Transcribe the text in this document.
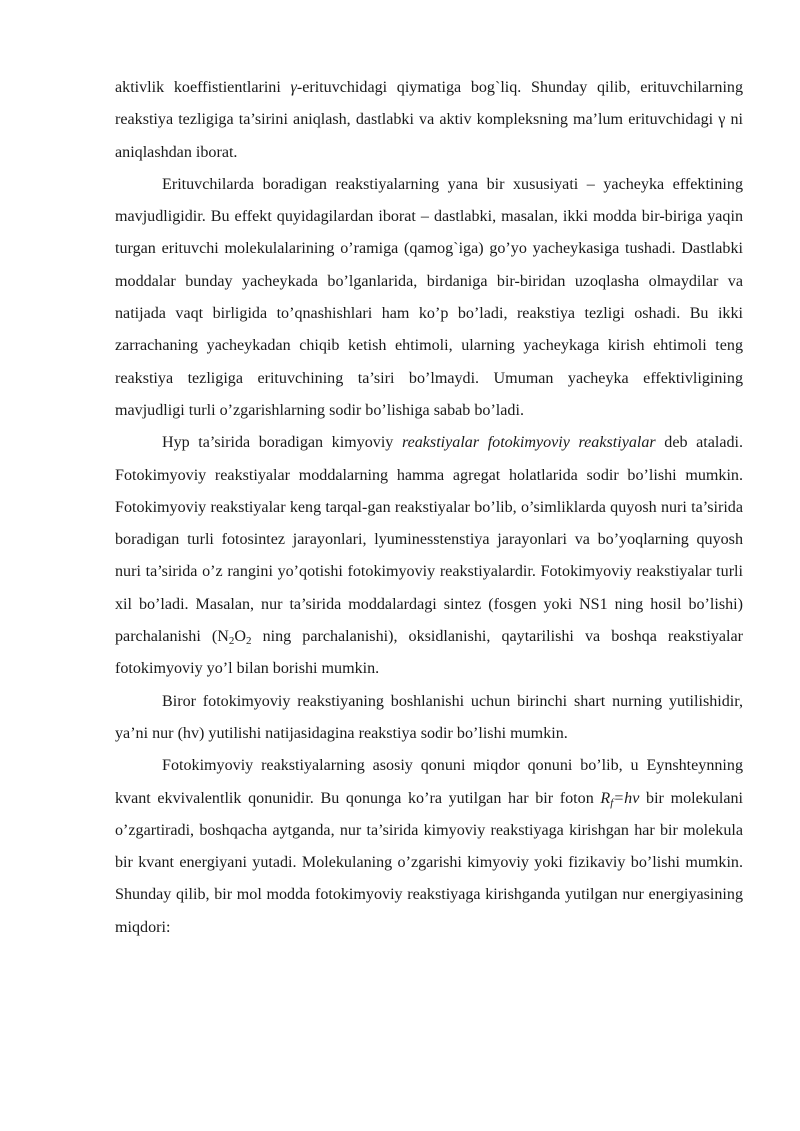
aktivlik koeffistientlarini γ-erituvchidagi qiymatiga bog`liq. Shunday qilib, erituvchilarning reakstiya tezligiga ta’sirini aniqlash, dastlabki va aktiv kompleksning ma’lum erituvchidagi γ ni aniqlashdan iborat.

Erituvchilarda boradigan reakstiyalarning yana bir xususiyati – yacheyka effektining mavjudligidir. Bu effekt quyidagilardan iborat – dastlabki, masalan, ikki modda bir-biriga yaqin turgan erituvchi molekulalarining o’ramiga (qamog`iga) go’yo yacheykasiga tushadi. Dastlabki moddalar bunday yacheykada bo’lganlarida, birdaniga bir-biridan uzoqlasha olmaydilar va natijada vaqt birligida to’qnashishlari ham ko’p bo’ladi, reakstiya tezligi oshadi. Bu ikki zarrachaning yacheykadan chiqib ketish ehtimoli, ularning yacheykaga kirish ehtimoli teng reakstiya tezligiga erituvchining ta’siri bo’lmaydi. Umuman yacheyka effektivligining mavjudligi turli o’zgarishlarning sodir bo’lishiga sabab bo’ladi.

Hyp ta’sirida boradigan kimyoviy reakstiyalar fotokimyoviy reakstiyalar deb ataladi. Fotokimyoviy reakstiyalar moddalarning hamma agregat holatlarida sodir bo’lishi mumkin. Fotokimyoviy reakstiyalar keng tarqal-gan reakstiyalar bo’lib, o’simliklarda quyosh nuri ta’sirida boradigan turli fotosintez jarayonlari, lyuminesstenstiya jarayonlari va bo’yoqlarning quyosh nuri ta’sirida o’z rangini yo’qotishi fotokimyoviy reakstiyalardir. Fotokimyoviy reakstiyalar turli xil bo’ladi. Masalan, nur ta’sirida moddalardagi sintez (fosgen yoki NS1 ning hosil bo’lishi) parchalanishi ($N_2O_2$ ning parchalanishi), oksidlanishi, qaytarilishi va boshqa reakstiyalar fotokimyoviy yo’l bilan borishi mumkin.

Biror fotokimyoviy reakstiyaning boshlanishi uchun birinchi shart nurning yutilishidir, ya’ni nur (hv) yutilishi natijasidagina reakstiya sodir bo’lishi mumkin.

Fotokimyoviy reakstiyalarning asosiy qonuni miqdor qonuni bo’lib, u Eynshteynning kvant ekvivalentlik qonunidir. Bu qonunga ko’ra yutilgan har bir foton $R_f=h\nu$ bir molekulani o’zgartiradi, boshqacha aytganda, nur ta’sirida kimyoviy reakstiyaga kirishgan har bir molekula bir kvant energiyani yutadi. Molekulaning o’zgarishi kimyoviy yoki fizikaviy bo’lishi mumkin. Shunday qilib, bir mol modda fotokimyoviy reakstiyaga kirishganda yutilgan nur energiyasining miqdori:
